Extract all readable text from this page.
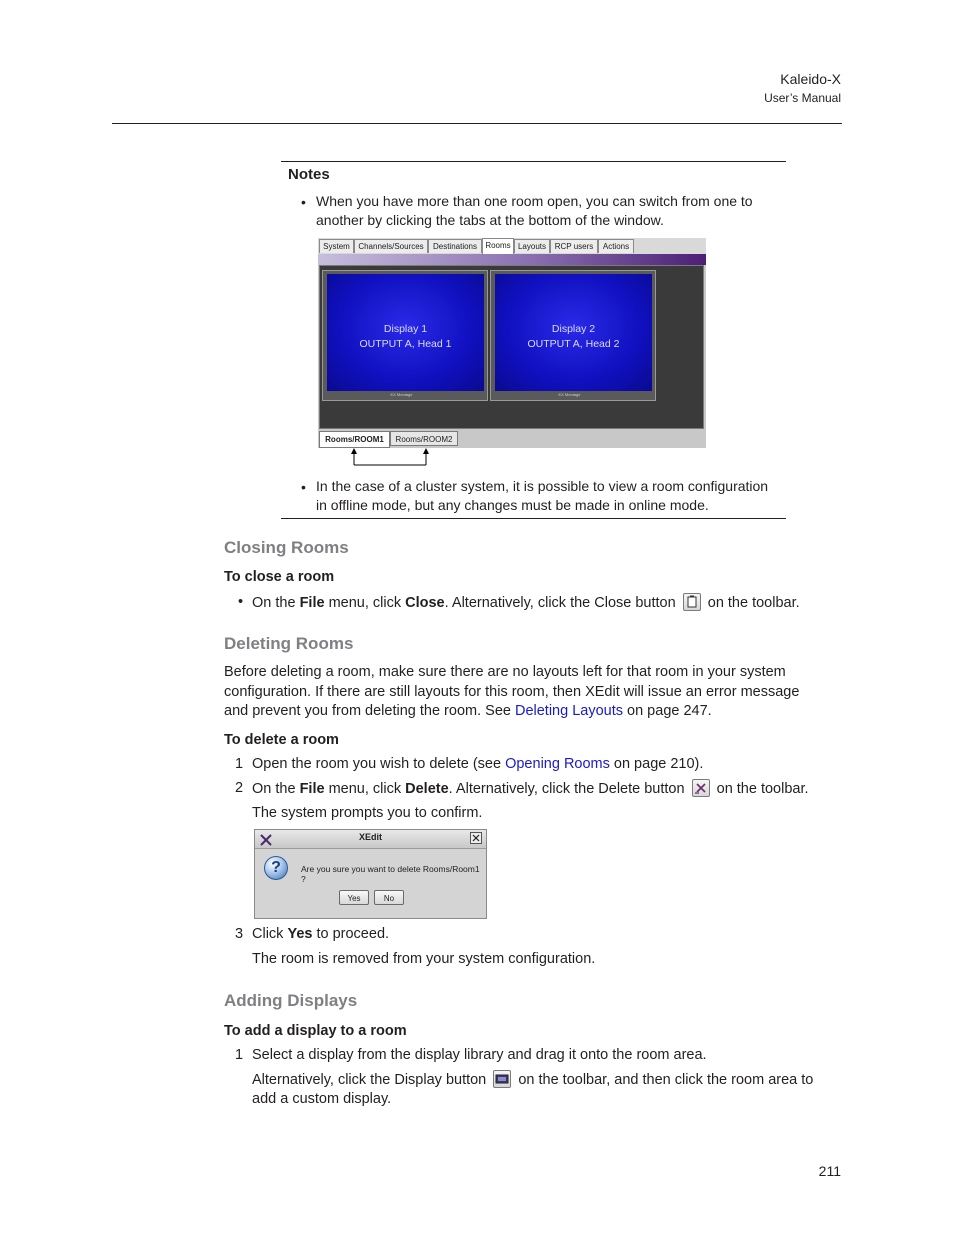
Kaleido-X
User’s Manual
Notes
• When you have more than one room open, you can switch from one to
another by clicking the tabs at the bottom of the window.
System	Channels/Sources	Destinations	Rooms Layouts	RCP users	Actions
Display 1
OUTPUT A, Head 1
KX Montage
Display 2
OUTPUT A, Head 2
KX Montage
Rooms/ROOM1	Rooms/ROOM2
• In the case of a cluster system, it is possible to view a room configuration
in offline mode, but any changes must be made in online mode.
Closing Rooms
To close a room
• On the File menu, click Close. Alternatively, click the Close button on the toolbar.
Deleting Rooms
Before deleting a room, make sure there are no layouts left for that room in your system
configuration. If there are still layouts for this room, then XEdit will issue an error message
and prevent you from deleting the room. See Deleting Layouts on page 247.
To delete a room
1 Open the room you wish to delete (see Opening Rooms on page 210).
2 On the File menu, click Delete. Alternatively, click the Delete button on the toolbar.
The system prompts you to confirm.
XEdit
?	Are you sure you want to delete Rooms/Room1 ?
Yes	No
3 Click Yes to proceed.
The room is removed from your system configuration.
Adding Displays
To add a display to a room
1 Select a display from the display library and drag it onto the room area.
Alternatively, click the Display button on the toolbar, and then click the room area to
add a custom display.
211
